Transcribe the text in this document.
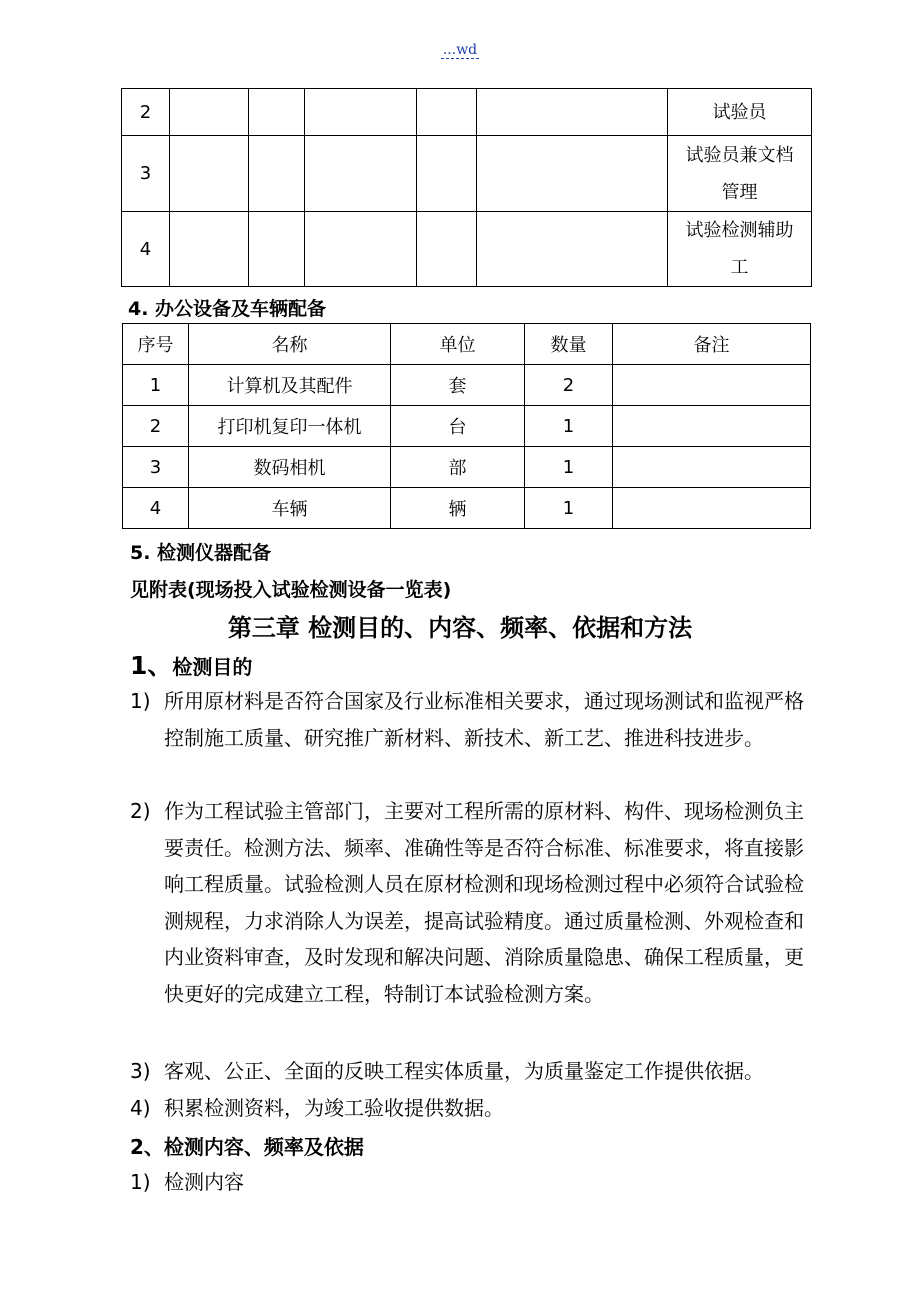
...wd
2						试验员
3						试验员兼文档管理

4						试验检测辅助工
4. 办公设备及车辆配备
序号	名称	单位	数量	备注
1	计算机及其配件	套	2	
2	打印机复印一体机	台	1	
3	数码相机	部	1	
4	车辆	辆	1	
5. 检测仪器配备
见附表(现场投入试验检测设备一览表)
第三章 检测目的、内容、频率、依据和方法
1、检测目的
1) 所用原材料是否符合国家及行业标准相关要求，通过现场测试和监视严格控制施工质量、研究推广新材料、新技术、新工艺、推进科技进步。
2) 作为工程试验主管部门，主要对工程所需的原材料、构件、现场检测负主要责任。检测方法、频率、准确性等是否符合标准、标准要求，将直接影响工程质量。试验检测人员在原材检测和现场检测过程中必须符合试验检测规程，力求消除人为误差，提高试验精度。通过质量检测、外观检查和内业资料审查，及时发现和解决问题、消除质量隐患、确保工程质量，更快更好的完成建立工程，特制订本试验检测方案。
3) 客观、公正、全面的反映工程实体质量，为质量鉴定工作提供依据。
4) 积累检测资料，为竣工验收提供数据。
2、检测内容、频率及依据
1) 检测内容
